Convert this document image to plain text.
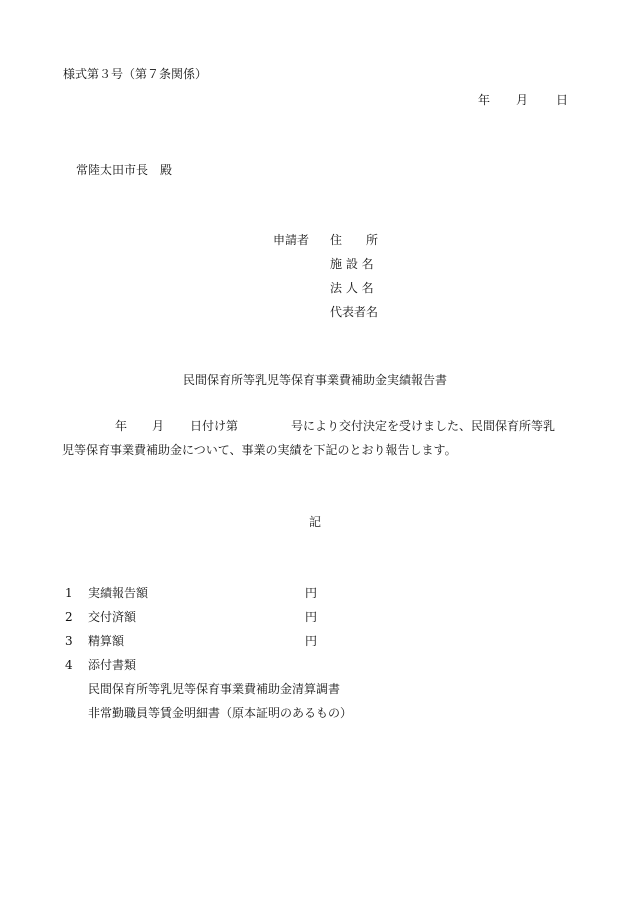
様式第３号（第７条関係）
年 月 日
常陸太田市長　殿
申請者 住　　所
施 設 名
法 人 名
代表者名
民間保育所等乳児等保育事業費補助金実績報告書
年 月 日付け第	号により交付決定を受けました、民間保育所等乳
児等保育事業費補助金について、事業の実績を下記のとおり報告します。
記
1 実績報告額	円
2 交付済額	円
3 精算額	円
4 添付書類
民間保育所等乳児等保育事業費補助金清算調書
非常勤職員等賃金明細書（原本証明のあるもの）
